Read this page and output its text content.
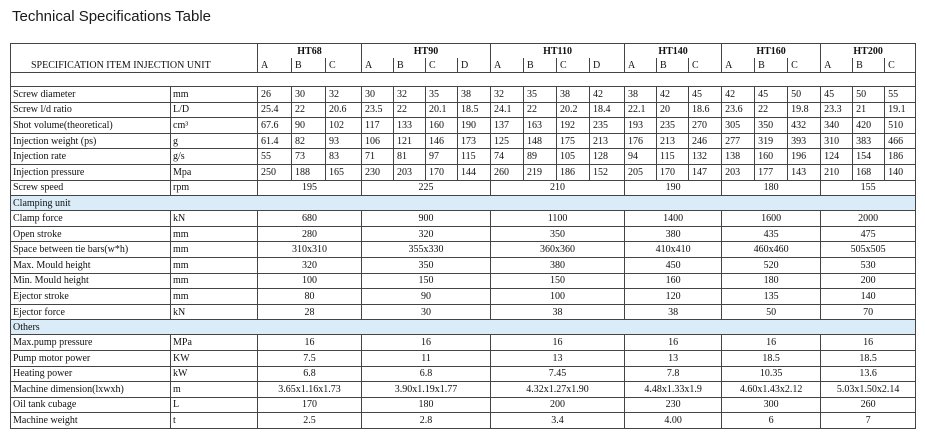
Technical Specifications Table
		HT68			HT90				HT110				HT140			HT160			HT200		
SPECIFICATION ITEM INJECTION UNIT		A	B	C	A	B	C	D	A	B	C	D	A	B	C	A	B	C	A	B	C

Screw diameter	mm	26	30	32	30	32	35	38	32	35	38	42	38	42	45	42	45	50	45	50	55
Screw l/d ratio	L/D	25.4	22	20.6	23.5	22	20.1	18.5	24.1	22	20.2	18.4	22.1	20	18.6	23.6	22	19.8	23.3	21	19.1
Shot volume(theoretical)	cm³	67.6	90	102	117	133	160	190	137	163	192	235	193	235	270	305	350	432	340	420	510
Injection weight (ps)	g	61.4	82	93	106	121	146	173	125	148	175	213	176	213	246	277	319	393	310	383	466
Injection rate	g/s	55	73	83	71	81	97	115	74	89	105	128	94	115	132	138	160	196	124	154	186
Injection pressure	Mpa	250	188	165	230	203	170	144	260	219	186	152	205	170	147	203	177	143	210	168	140
Screw speed	rpm	195			225				210				190			180			155		
Clamping unit																					
Clamp force	kN	680			900				1100				1400			1600			2000		
Open stroke	mm	280			320				350				380			435			475		
Space between tie bars(w*h)	mm	310x310			355x330				360x360				410x410			460x460			505x505		
Max. Mould height	mm	320			350				380				450			520			530		
Min. Mould height	mm	100			150				150				160			180			200		
Ejector stroke	mm	80			90				100				120			135			140		
Ejector force	kN	28			30				38				38			50			70		
Others																					
Max.pump pressure	MPa	16			16				16				16			16			16		
Pump motor power	KW	7.5			11				13				13			18.5			18.5		
Heating power	kW	6.8			6.8				7.45				7.8			10.35			13.6		
Machine dimension(lxwxh)	m	3.65x1.16x1.73			3.90x1.19x1.77				4.32x1.27x1.90				4.48x1.33x1.9			4.60x1.43x2.12			5.03x1.50x2.14		
Oil tank cubage	L	170			180				200				230			300			260		
Machine weight	t	2.5			2.8				3.4				4.00			6			7		
